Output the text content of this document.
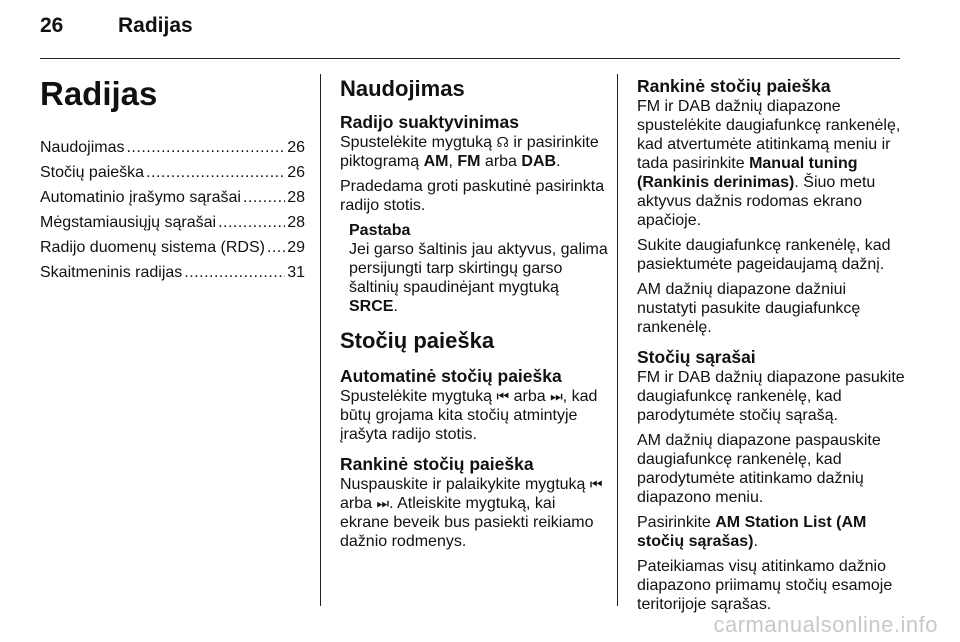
26	Radijas
Radijas
Naudojimas .....	26
Stočių paieška .....	26
Automatinio įrašymo sąrašai .....	28
Mėgstamiausiųjų sąrašai .....	28
Radijo duomenų sistema (RDS) ..... 29
Skaitmeninis radijas .....	31
Naudojimas
Radijo suaktyvinimas

Spustelėkite mygtuką ☊ ir pasirinkite piktogramą AM, FM arba DAB.

Pradedama groti paskutinė pasirinkta radijo stotis.

Pastaba
Jei garso šaltinis jau aktyvus, galima persijungti tarp skirtingų garso šaltinių spaudinėjant mygtuką SRCE.
Stočių paieška
Automatinė stočių paieška

Spustelėkite mygtuką ⏮ arba ⏭, kad būtų grojama kita stočių atmintyje įrašyta radijo stotis.

Rankinė stočių paieška

Nuspauskite ir palaikykite mygtuką ⏮ arba ⏭. Atleiskite mygtuką, kai ekrane beveik bus pasiekti reikiamo dažnio rodmenys.

Rankinė stočių paieška

FM ir DAB dažnių diapazone spustelėkite daugiafunkcę rankenėlę, kad atvertumėte atitinkamą meniu ir tada pasirinkite Manual tuning (Rankinis derinimas). Šiuo metu aktyvus dažnis rodomas ekrano apačioje.

Sukite daugiafunkcę rankenėlę, kad pasiektumėte pageidaujamą dažnį.

AM dažnių diapazone dažniui nustatyti pasukite daugiafunkcę rankenėlę.

Stočių sąrašai

FM ir DAB dažnių diapazone pasukite daugiafunkcę rankenėlę, kad parodytumėte stočių sąrašą.

AM dažnių diapazone paspauskite daugiafunkcę rankenėlę, kad parodytumėte atitinkamo dažnių diapazono meniu.

Pasirinkite AM Station List (AM stočių sąrašas).

Pateikiamas visų atitinkamo dažnio diapazono priimamų stočių esamoje teritorijoje sąrašas.

carmanualsonline.info
